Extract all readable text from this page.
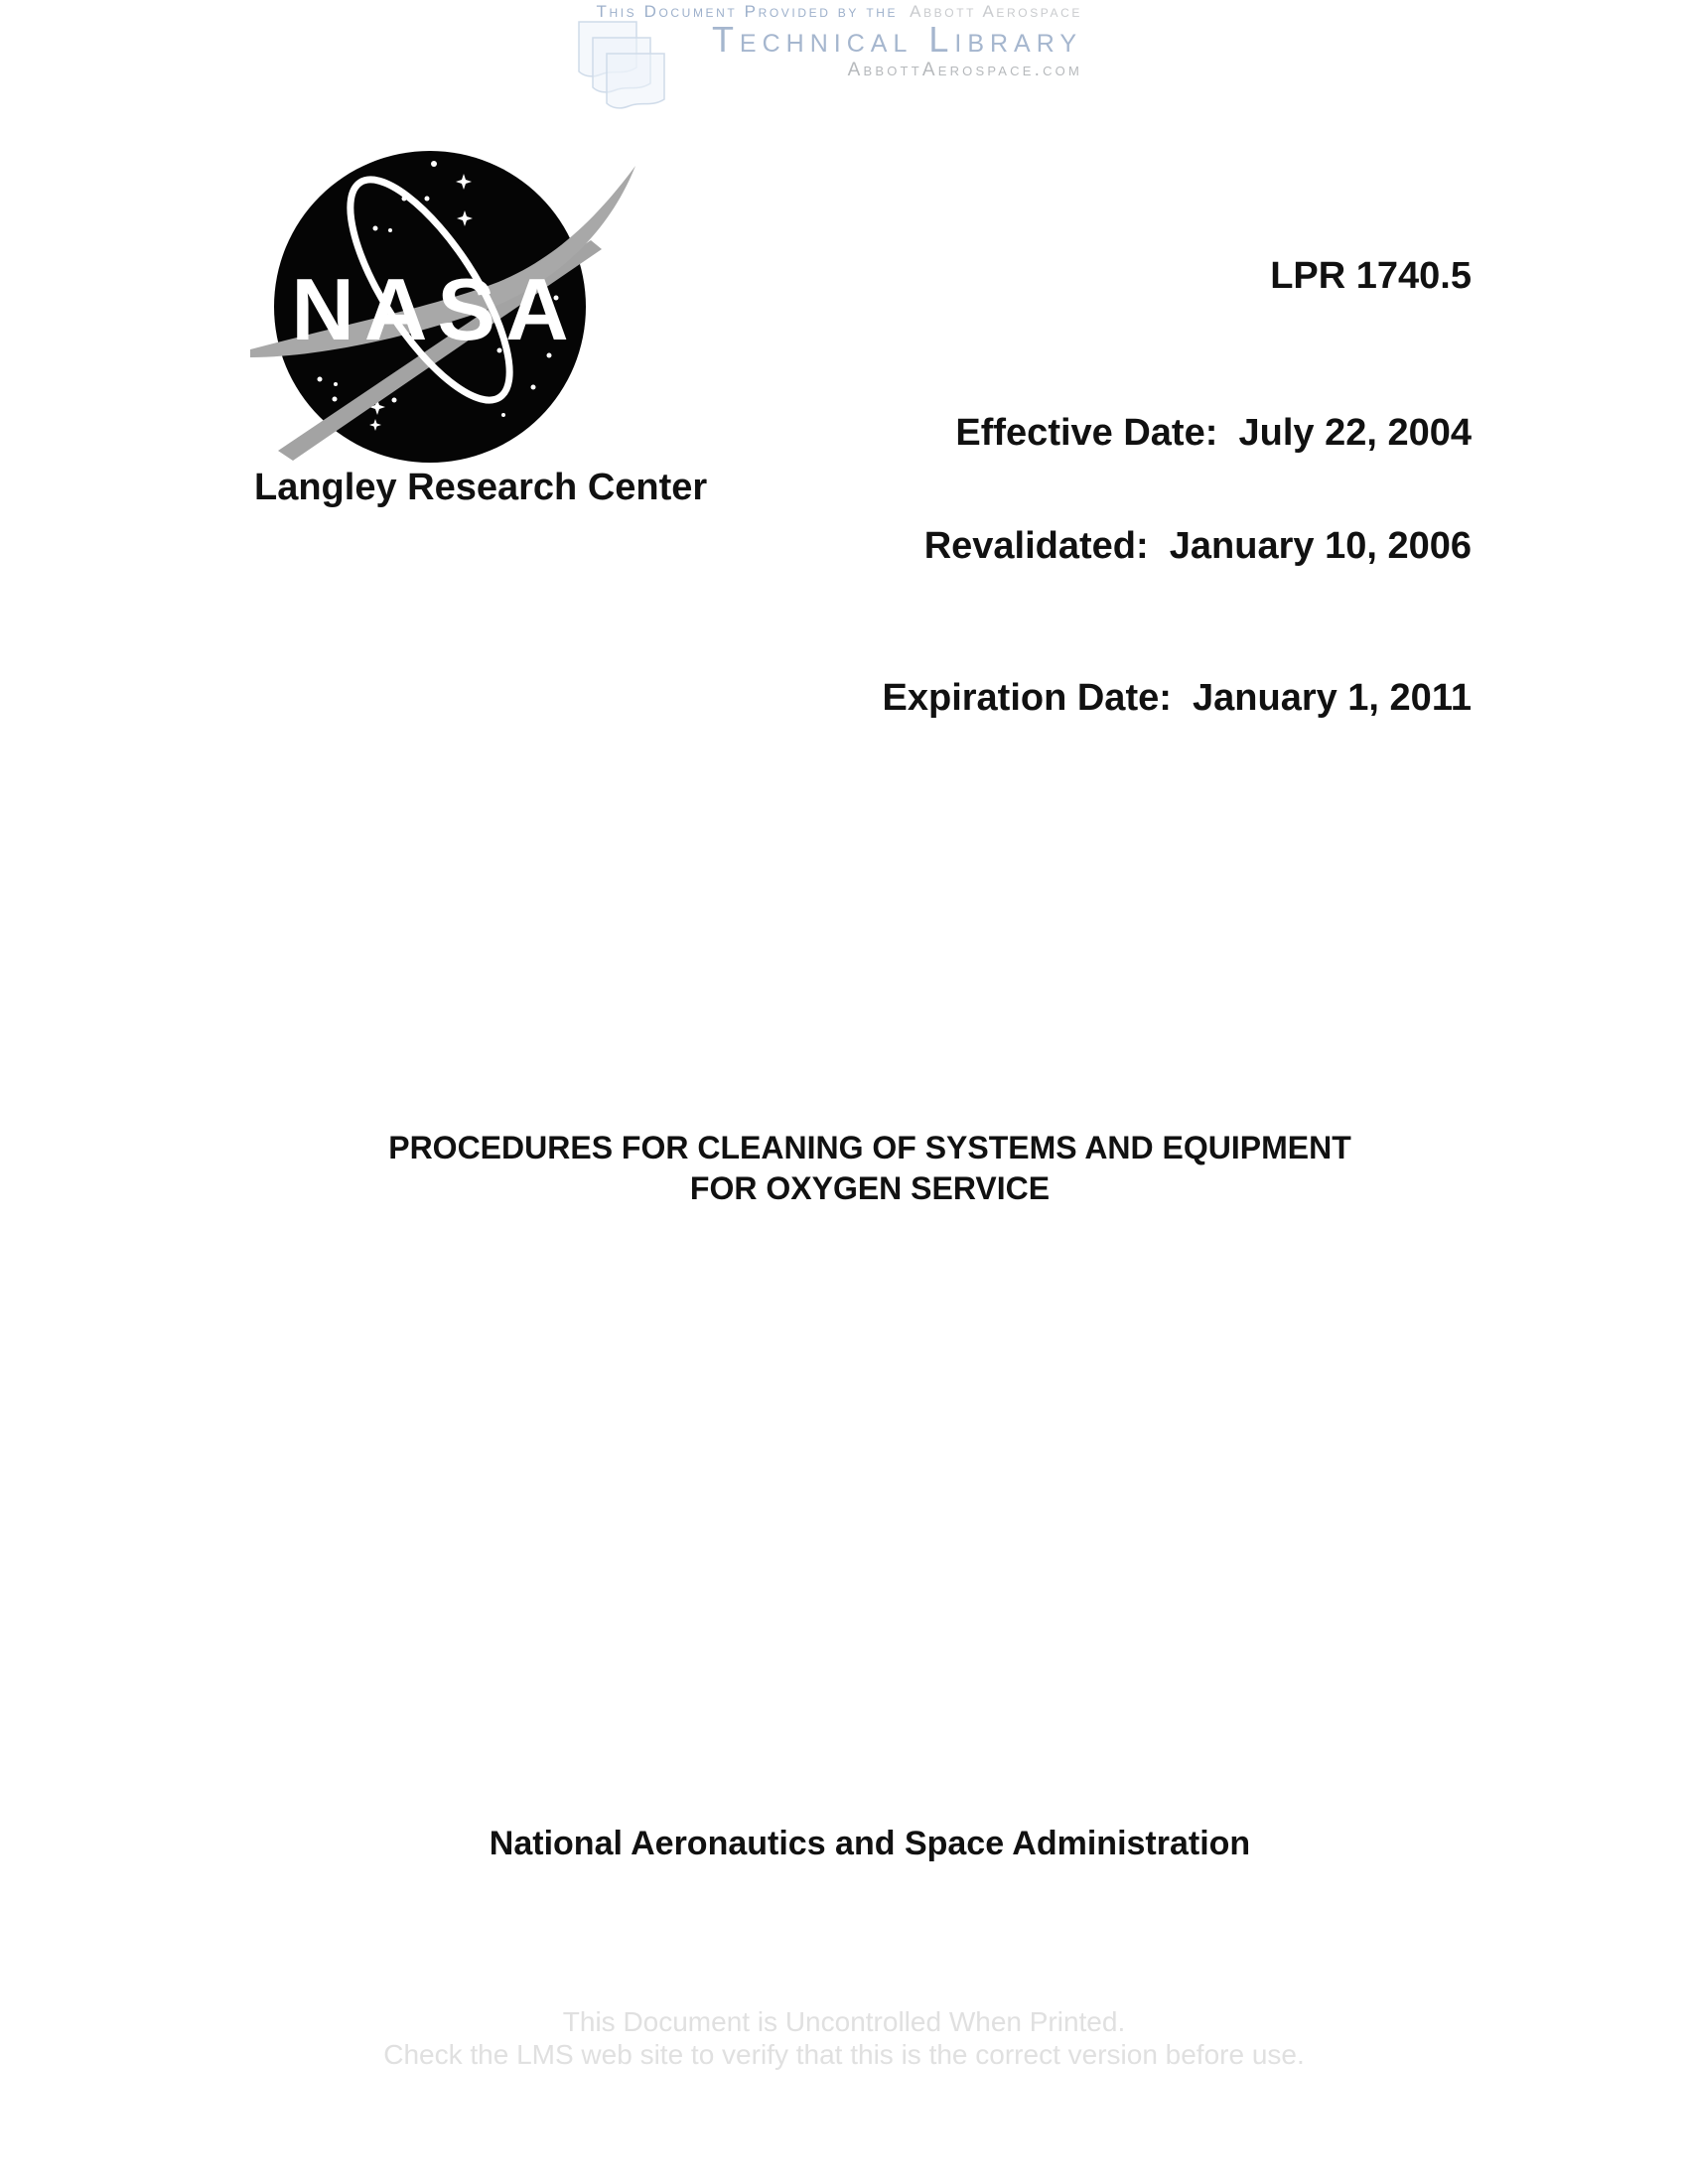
This Document Provided by the Abbott Aerospace
Technical Library
AbbottAerospace.com
NASA
Langley Research Center

LPR 1740.5

Effective Date:  July 22, 2004

Revalidated:  January 10, 2006

Expiration Date:  January 1, 2011

PROCEDURES FOR CLEANING OF SYSTEMS AND EQUIPMENT
FOR OXYGEN SERVICE
National Aeronautics and Space Administration
This Document is Uncontrolled When Printed.
Check the LMS web site to verify that this is the correct version before use.
